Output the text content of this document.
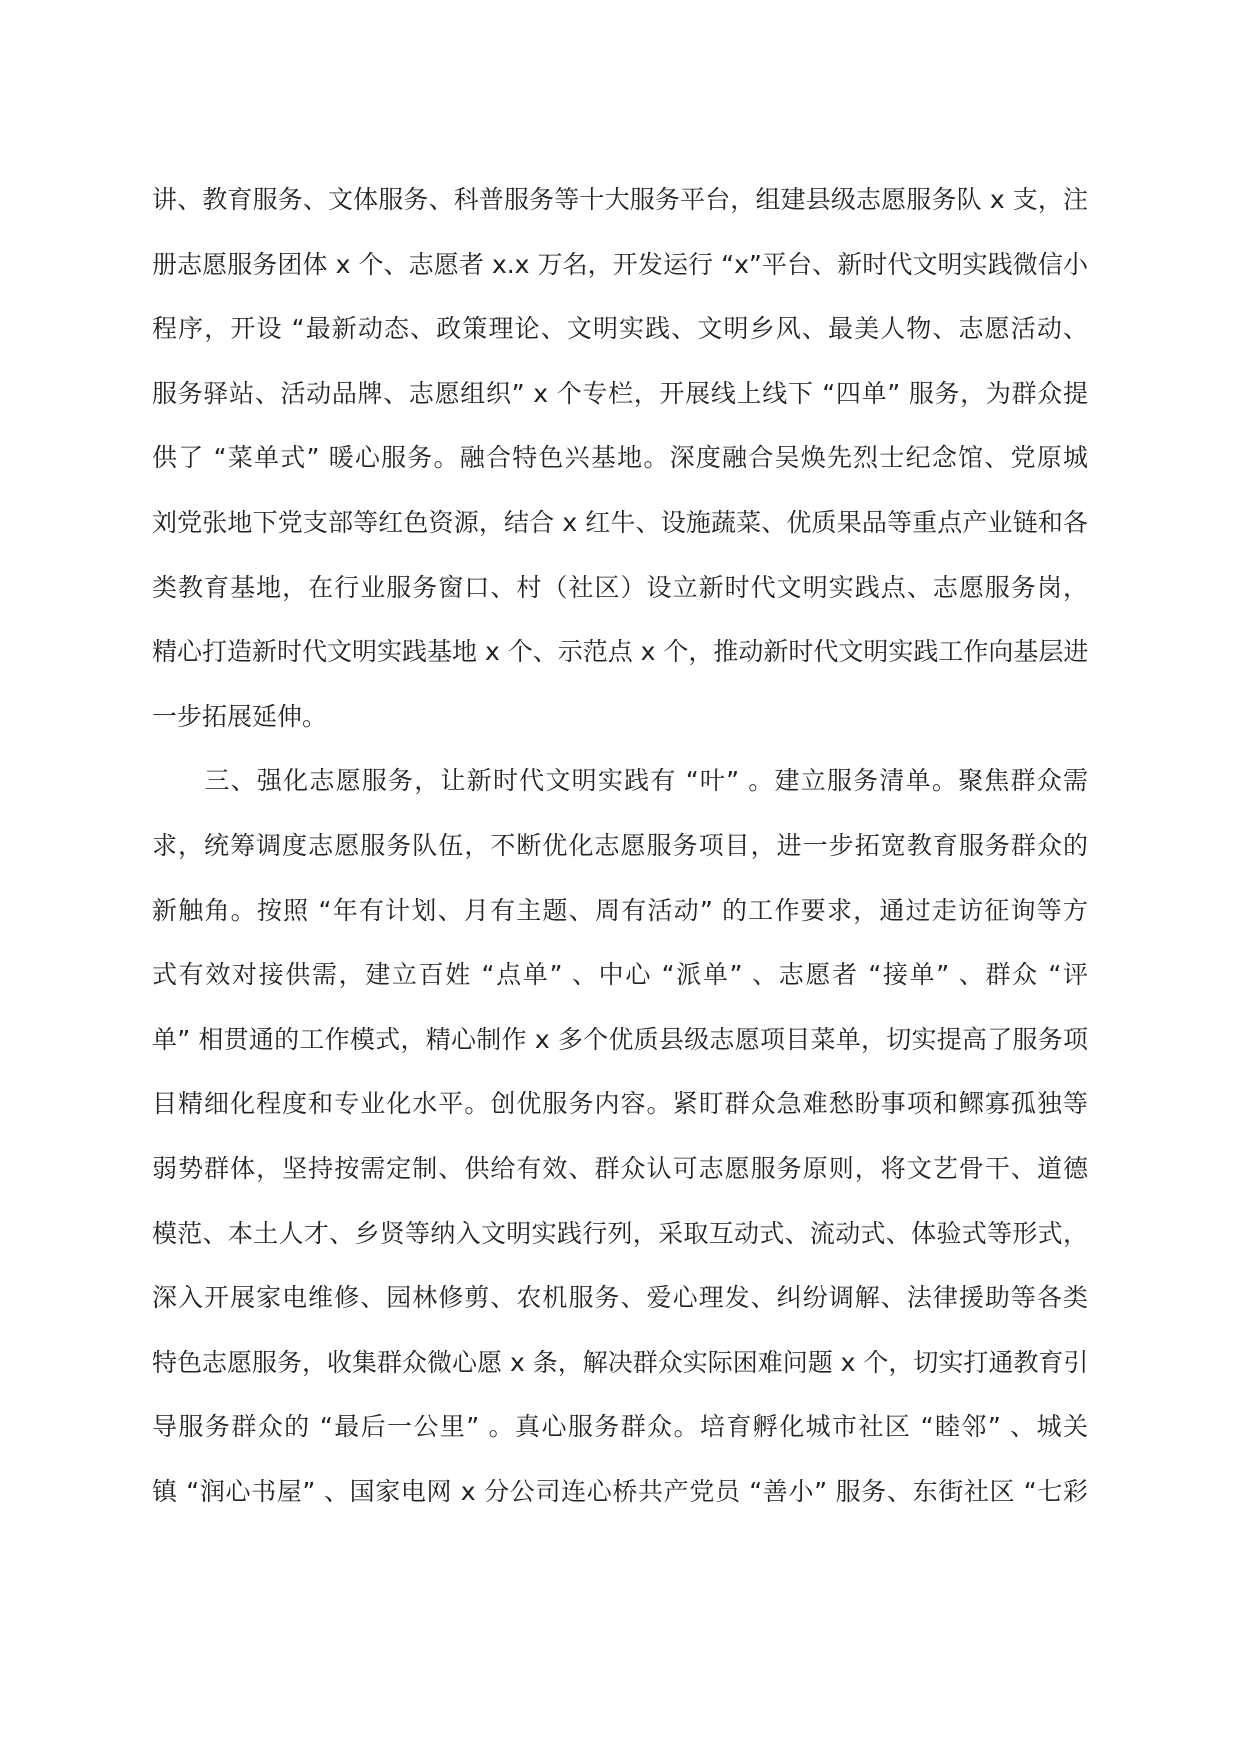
讲、教育服务、文体服务、科普服务等十大服务平台，组建县级志愿服务队 x 支，注
册志愿服务团体 x 个、志愿者 x.x 万名，开发运行 “x”平台、新时代文明实践微信小
程序，开设 “最新动态、政策理论、文明实践、文明乡风、最美人物、志愿活动、
服务驿站、活动品牌、志愿组织” x 个专栏，开展线上线下 “四单” 服务，为群众提
供了 “菜单式” 暖心服务。融合特色兴基地。深度融合吴焕先烈士纪念馆、党原城
刘党张地下党支部等红色资源，结合 x 红牛、设施蔬菜、优质果品等重点产业链和各
类教育基地，在行业服务窗口、村（社区）设立新时代文明实践点、志愿服务岗，
精心打造新时代文明实践基地 x 个、示范点 x 个，推动新时代文明实践工作向基层进
一步拓展延伸。
　　三、强化志愿服务，让新时代文明实践有 “叶” 。建立服务清单。聚焦群众需
求，统筹调度志愿服务队伍，不断优化志愿服务项目，进一步拓宽教育服务群众的
新触角。按照 “年有计划、月有主题、周有活动” 的工作要求，通过走访征询等方
式有效对接供需，建立百姓 “点单” 、中心 “派单” 、志愿者 “接单” 、群众 “评
单” 相贯通的工作模式，精心制作 x 多个优质县级志愿项目菜单，切实提高了服务项
目精细化程度和专业化水平。创优服务内容。紧盯群众急难愁盼事项和鳏寡孤独等
弱势群体，坚持按需定制、供给有效、群众认可志愿服务原则，将文艺骨干、道德
模范、本土人才、乡贤等纳入文明实践行列，采取互动式、流动式、体验式等形式，
深入开展家电维修、园林修剪、农机服务、爱心理发、纠纷调解、法律援助等各类
特色志愿服务，收集群众微心愿 x 条，解决群众实际困难问题 x 个，切实打通教育引
导服务群众的 “最后一公里” 。真心服务群众。培育孵化城市社区 “睦邻” 、城关
镇 “润心书屋” 、国家电网 x 分公司连心桥共产党员 “善小” 服务、东街社区 “七彩
